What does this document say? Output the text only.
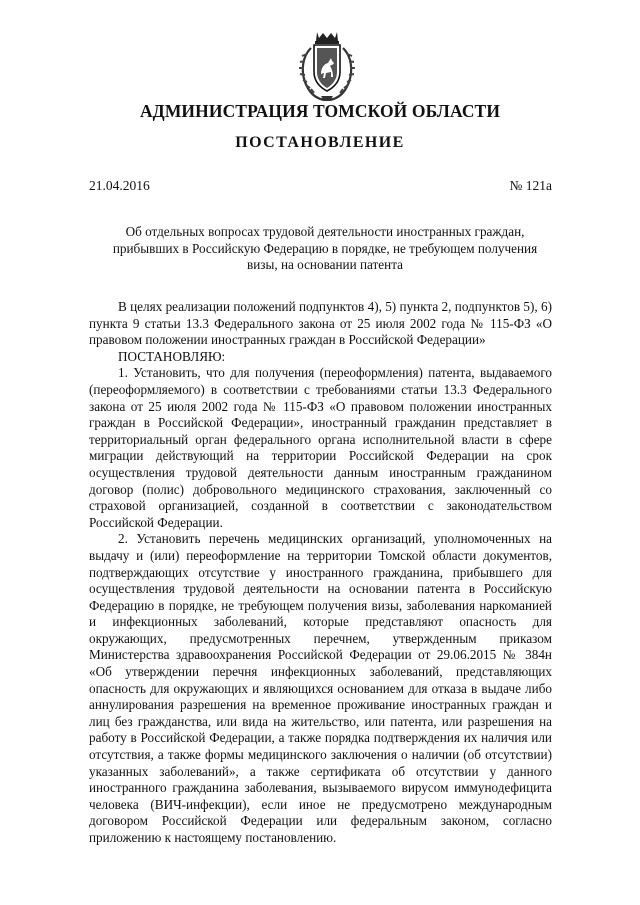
АДМИНИСТРАЦИЯ ТОМСКОЙ ОБЛАСТИ
ПОСТАНОВЛЕНИЕ
21.04.2016	№ 121а
Об отдельных вопросах трудовой деятельности иностранных граждан, прибывших в Российскую Федерацию в порядке, не требующем получения визы, на основании патента

В целях реализации положений подпунктов 4), 5) пункта 2, подпунктов 5), 6) пункта 9 статьи 13.3 Федерального закона от 25 июля 2002 года № 115-ФЗ «О правовом положении иностранных граждан в Российской Федерации»

ПОСТАНОВЛЯЮ:

1. Установить, что для получения (переоформления) патента, выдаваемого (переоформляемого) в соответствии с требованиями статьи 13.3 Федерального закона от 25 июля 2002 года № 115-ФЗ «О правовом положении иностранных граждан в Российской Федерации», иностранный гражданин представляет в территориальный орган федерального органа исполнительной власти в сфере миграции действующий на территории Российской Федерации на срок осуществления трудовой деятельности данным иностранным гражданином договор (полис) добровольного медицинского страхования, заключенный со страховой организацией, созданной в соответствии с законодательством Российской Федерации.

2. Установить перечень медицинских организаций, уполномоченных на выдачу и (или) переоформление на территории Томской области документов, подтверждающих отсутствие у иностранного гражданина, прибывшего для осуществления трудовой деятельности на основании патента в Российскую Федерацию в порядке, не требующем получения визы, заболевания наркоманией и инфекционных заболеваний, которые представляют опасность для окружающих, предусмотренных перечнем, утвержденным приказом Министерства здравоохранения Российской Федерации от 29.06.2015 № 384н «Об утверждении перечня инфекционных заболеваний, представляющих опасность для окружающих и являющихся основанием для отказа в выдаче либо аннулирования разрешения на временное проживание иностранных граждан и лиц без гражданства, или вида на жительство, или патента, или разрешения на работу в Российской Федерации, а также порядка подтверждения их наличия или отсутствия, а также формы медицинского заключения о наличии (об отсутствии) указанных заболеваний», а также сертификата об отсутствии у данного иностранного гражданина заболевания, вызываемого вирусом иммунодефицита человека (ВИЧ-инфекции), если иное не предусмотрено международным договором Российской Федерации или федеральным законом, согласно приложению к настоящему постановлению.
